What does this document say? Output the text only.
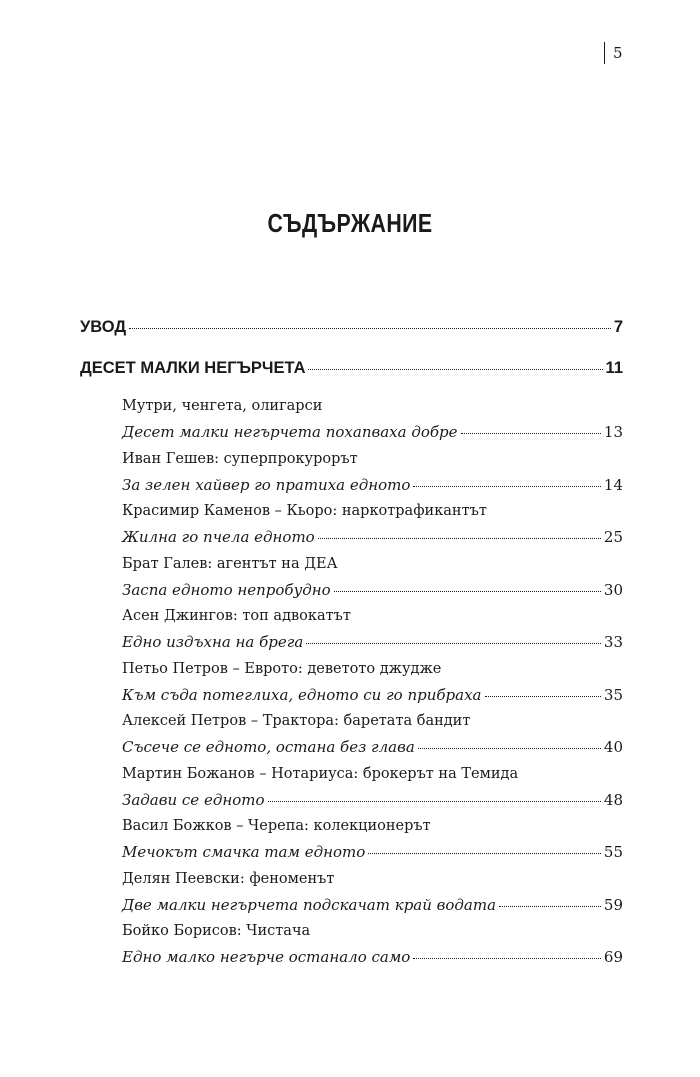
5
СЪДЪРЖАНИЕ
УВОД	7
ДЕСЕТ МАЛКИ НЕГЪРЧЕТА	11
Мутри, ченгета, олигарси
Десет малки негърчета похапваха добре	13
Иван Гешев: суперпрокурорът
За зелен хайвер го пратиха едното	14
Красимир Каменов – Кьоро: наркотрафикантът
Жилна го пчела едното	25
Брат Галев: агентът на ДЕА
Заспа едното непробудно	30
Асен Джингов: топ адвокатът
Едно издъхна на брега	33
Петьо Петров – Еврото: деветото джудже
Към съда потеглиха, едното си го прибраха	35
Алексей Петров – Трактора: баретата бандит
Съсече се едното, остана без глава	40
Мартин Божанов – Нотариуса: брокерът на Темида
Задави се едното	48
Васил Божков – Черепа: колекционерът
Мечокът смачка там едното	55
Делян Пеевски: феноменът
Две малки негърчета подскачат край водата	59
Бойко Борисов: Чистача
Едно малко негърче останало само	69
